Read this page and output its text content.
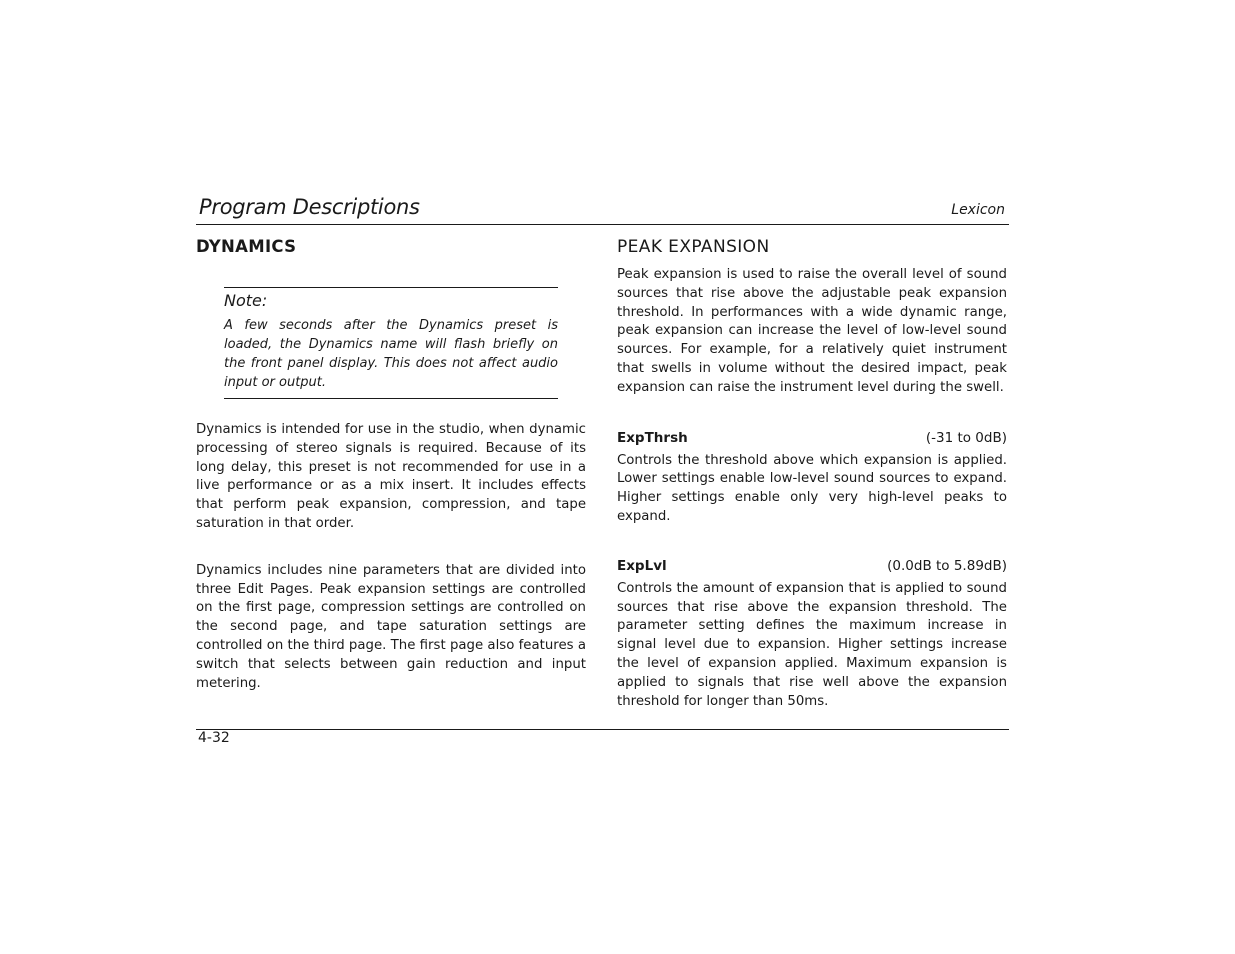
Program Descriptions	Lexicon
DYNAMICS
Note:
A few seconds after the Dynamics preset is loaded, the Dynamics name will flash briefly on the front panel display. This does not affect audio input or output.
Dynamics is intended for use in the studio, when dynamic processing of stereo signals is required. Because of its long delay, this preset is not recommended for use in a live performance or as a mix insert. It includes effects that perform peak expansion, compression, and tape saturation in that order.
Dynamics includes nine parameters that are divided into three Edit Pages. Peak expansion settings are controlled on the first page, compression settings are controlled on the second page, and tape saturation settings are controlled on the third page. The first page also features a switch that selects between gain reduction and input metering.
PEAK EXPANSION
Peak expansion is used to raise the overall level of sound sources that rise above the adjustable peak expansion threshold. In performances with a wide dynamic range, peak expansion can increase the level of low-level sound sources. For example, for a relatively quiet instrument that swells in volume without the desired impact, peak expansion can raise the instrument level during the swell.
ExpThrsh	(-31 to 0dB)
Controls the threshold above which expansion is applied. Lower settings enable low-level sound sources to expand. Higher settings enable only very high-level peaks to expand.
ExpLvl	(0.0dB to 5.89dB)
Controls the amount of expansion that is applied to sound sources that rise above the expansion threshold. The parameter setting defines the maximum increase in signal level due to expansion. Higher settings increase the level of expansion applied. Maximum expansion is applied to signals that rise well above the expansion threshold for longer than 50ms.
4-32
